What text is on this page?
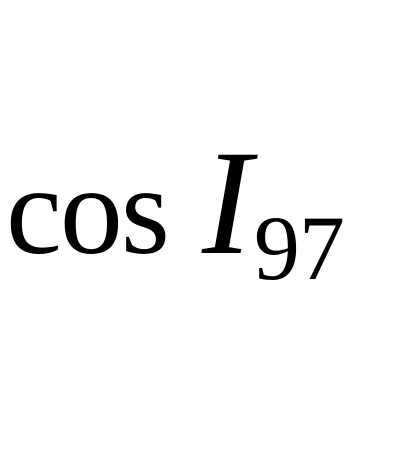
cos I97
